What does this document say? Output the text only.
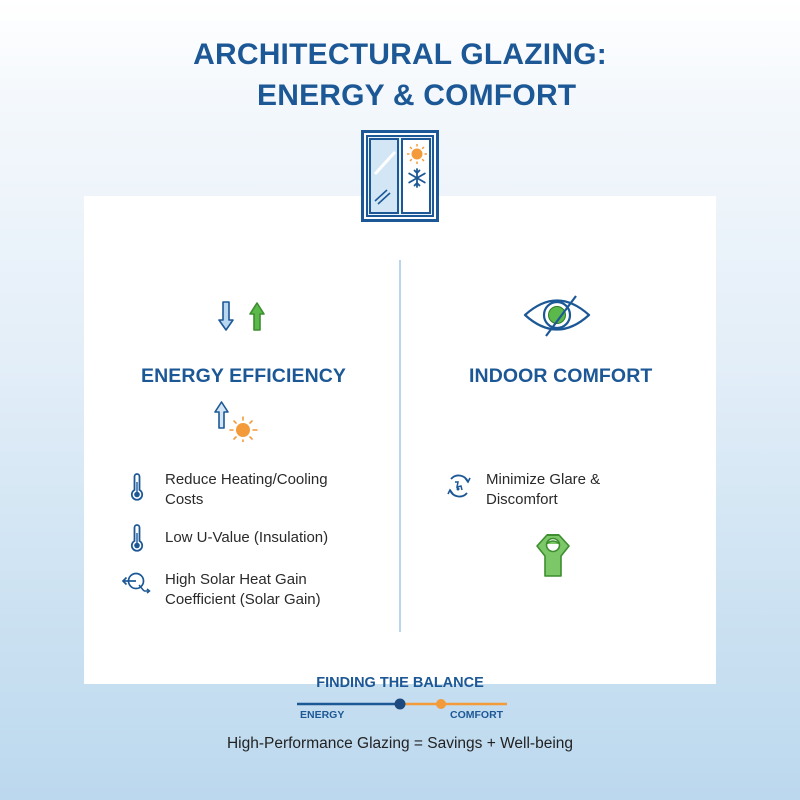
ARCHITECTURAL GLAZING:
ENERGY & COMFORT
ENERGY EFFICIENCY
Reduce Heating/Cooling Costs
Low U-Value (Insulation)
High Solar Heat Gain Coefficient (Solar Gain)
INDOOR COMFORT
Minimize Glare & Discomfort
FINDING THE BALANCE
ENERGY	COMFORT
High-Performance Glazing = Savings + Well-being
